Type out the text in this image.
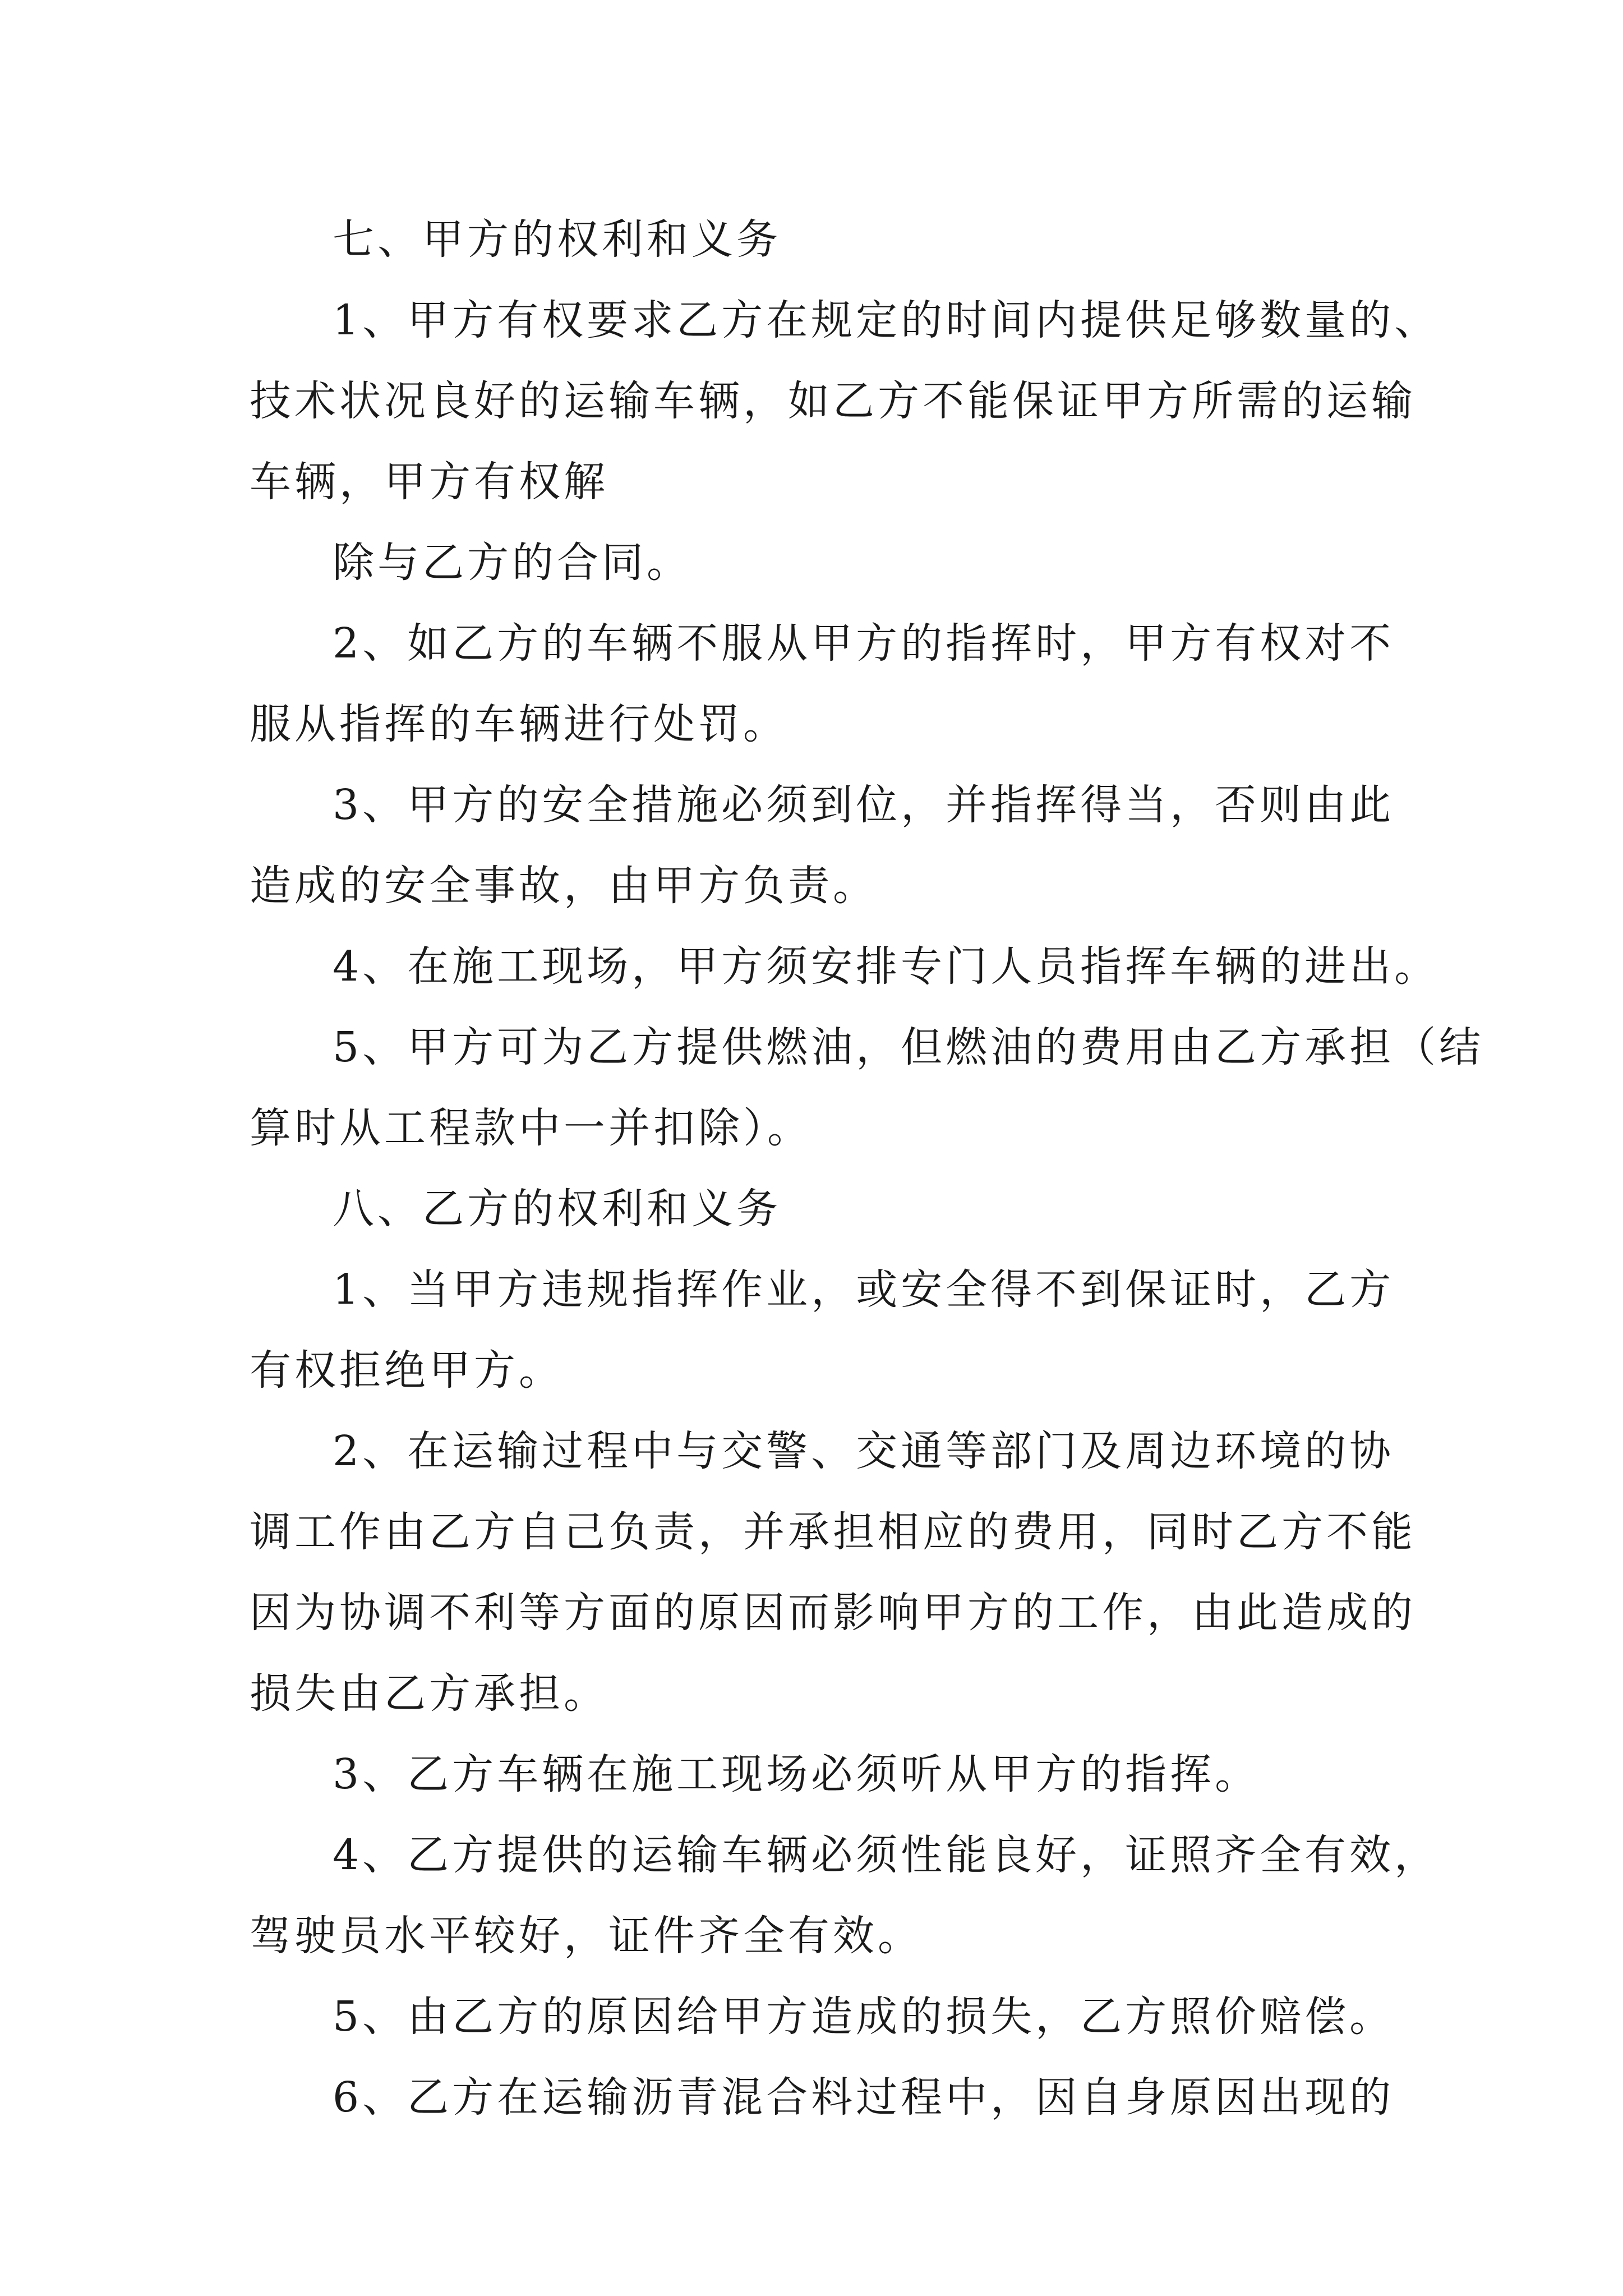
七、甲方的权利和义务
1、甲方有权要求乙方在规定的时间内提供足够数量的、
技术状况良好的运输车辆，如乙方不能保证甲方所需的运输
车辆，甲方有权解
除与乙方的合同。
2、如乙方的车辆不服从甲方的指挥时，甲方有权对不
服从指挥的车辆进行处罚。
3、甲方的安全措施必须到位，并指挥得当，否则由此
造成的安全事故，由甲方负责。
4、在施工现场，甲方须安排专门人员指挥车辆的进出。
5、甲方可为乙方提供燃油，但燃油的费用由乙方承担（结
算时从工程款中一并扣除）。
八、乙方的权利和义务
1、当甲方违规指挥作业，或安全得不到保证时，乙方
有权拒绝甲方。
2、在运输过程中与交警、交通等部门及周边环境的协
调工作由乙方自己负责，并承担相应的费用，同时乙方不能
因为协调不利等方面的原因而影响甲方的工作，由此造成的
损失由乙方承担。
3、乙方车辆在施工现场必须听从甲方的指挥。
4、乙方提供的运输车辆必须性能良好，证照齐全有效，
驾驶员水平较好，证件齐全有效。
5、由乙方的原因给甲方造成的损失，乙方照价赔偿。
6、乙方在运输沥青混合料过程中，因自身原因出现的
